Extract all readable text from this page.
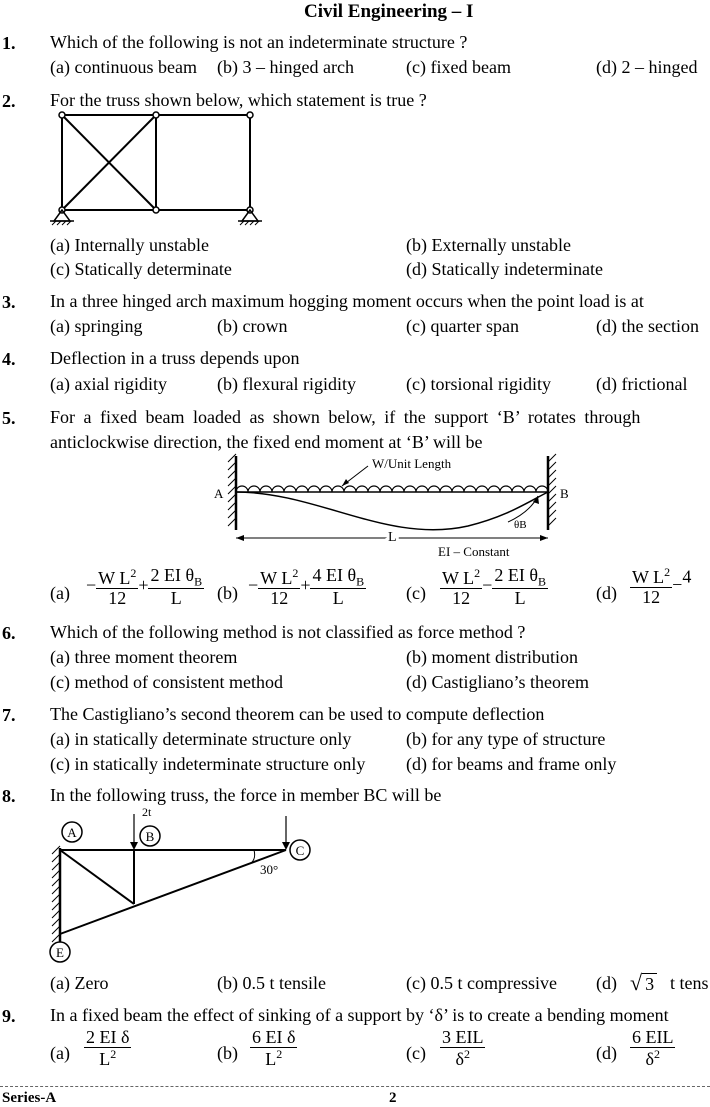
Civil Engineering – I
1. Which of the following is not an indeterminate structure ?
(a) continuous beam (b) 3 – hinged arch	(c) fixed beam	(d) 2 – hinged
2. For the truss shown below, which statement is true ?
(a) Internally unstable	(b) Externally unstable
(c) Statically determinate	(d) Statically indeterminate
3. In a three hinged arch maximum hogging moment occurs when the point load is at
(a) springing	(b) crown	(c) quarter span	(d) the section
4. Deflection in a truss depends upon
(a) axial rigidity	(b) flexural rigidity	(c) torsional rigidity	(d) frictional
5. For a fixed beam loaded as shown below, if the support ‘B’ rotates through
anticlockwise direction, the fixed end moment at ‘B’ will be
W/Unit Length
A	B
θB
L
EI – Constant
$(a) - \frac{W L^2}{12} + \frac{2 EI \theta_B}{L} (b) - \frac{W L^2}{12} + \frac{4 EI \theta_B}{L} (c) \frac{W L^2}{12} - \frac{2 EI \theta_B}{L}$	$(d) \frac{W L^2}{12} -4$
6. Which of the following method is not classified as force method ?
(a) three moment theorem	(b) moment distribution
(c) method of consistent method	(d) Castigliano’s theorem
7. The Castigliano’s second theorem can be used to compute deflection
(a) in statically determinate structure only	(b) for any type of structure
(c) in statically indeterminate structure only (d) for beams and frame only
8. In the following truss, the force in member BC will be
2t
30°
A	B
C
E
(a) Zero	(b) 0.5 t tensile	(c) 0.5 t compressive (d) √ 3 t tens
9. In a fixed beam the effect of sinking of a support by ‘δ’ is to create a bending moment
$(a) \frac{\text{2 EI δ}}{L^2}$	$(b) \frac{\text{6 EI δ}}{L^2}$	$(c) \frac{\text{3 EIL}}{\delta^2}$	$(d) \frac{\text{6 EIL}}{\delta^2}$
Series-A	2
